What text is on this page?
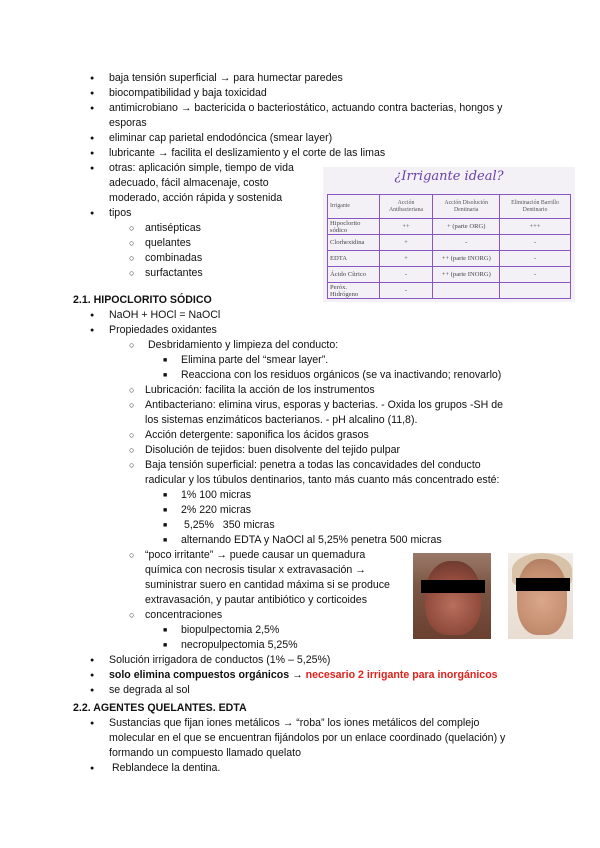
● baja tensión superficial → para humectar paredes
● biocompatibilidad y baja toxicidad
● antimicrobiano → bactericida o bacteriostático, actuando contra bacterias, hongos y
esporas
● eliminar cap parietal endodóncica (smear layer)
● lubricante → facilita el deslizamiento y el corte de las limas
● otras: aplicación simple, tiempo de vida
adecuado, fácil almacenaje, costo
moderado, acción rápida y sostenida
● tipos
○ antisépticas
○ quelantes
○ combinadas
○ surfactantes
¿Irrigante ideal?
Irrigante	Acción Antibacteriana	Acción Disolución Dentinaria	Eliminación Barrillo Dentinario
Hipoclorito sódico	++	+ (parte ORG)	+++
Clorhexidina	+	-	-
EDTA	+	++ (parte INORG)	-
Ácido Cítrico	-	++ (parte INORG)	-
Peróx. Hidrógeno	-		
2.1. HIPOCLORITO SÓDICO
● NaOH + HOCl = NaOCl
● Propiedades oxidantes
○ Desbridamiento y limpieza del conducto:
■ Elimina parte del “smear layer”.
■ Reacciona con los residuos orgánicos (se va inactivando; renovarlo)
○ Lubricación: facilita la acción de los instrumentos
○ Antibacteriano: elimina virus, esporas y bacterias. - Oxida los grupos -SH de
los sistemas enzimáticos bacterianos. - pH alcalino (11,8).
○ Acción detergente: saponifica los ácidos grasos
○ Disolución de tejidos: buen disolvente del tejido pulpar
○ Baja tensión superficial: penetra a todas las concavidades del conducto
radicular y los túbulos dentinarios, tanto más cuanto más concentrado esté:
■ 1% 100 micras
■ 2% 220 micras
■ 5,25%   350 micras
■ alternando EDTA y NaOCl al 5,25% penetra 500 micras
○ “poco irritante” → puede causar un quemadura
química con necrosis tisular x extravasación →
suministrar suero en cantidad máxima si se produce
extravasación, y pautar antibiótico y corticoides
○ concentraciones
■ biopulpectomia 2,5%
■ necropulpectomia 5,25%
● Solución irrigadora de conductos (1% – 5,25%)
● solo elimina compuestos orgánicos → necesario 2 irrigante para inorgánicos
● se degrada al sol
2.2. AGENTES QUELANTES. EDTA
● Sustancias que fijan iones metálicos → “roba” los iones metálicos del complejo
molecular en el que se encuentran fijándolos por un enlace coordinado (quelación) y
formando un compuesto llamado quelato
● Reblandece la dentina.
